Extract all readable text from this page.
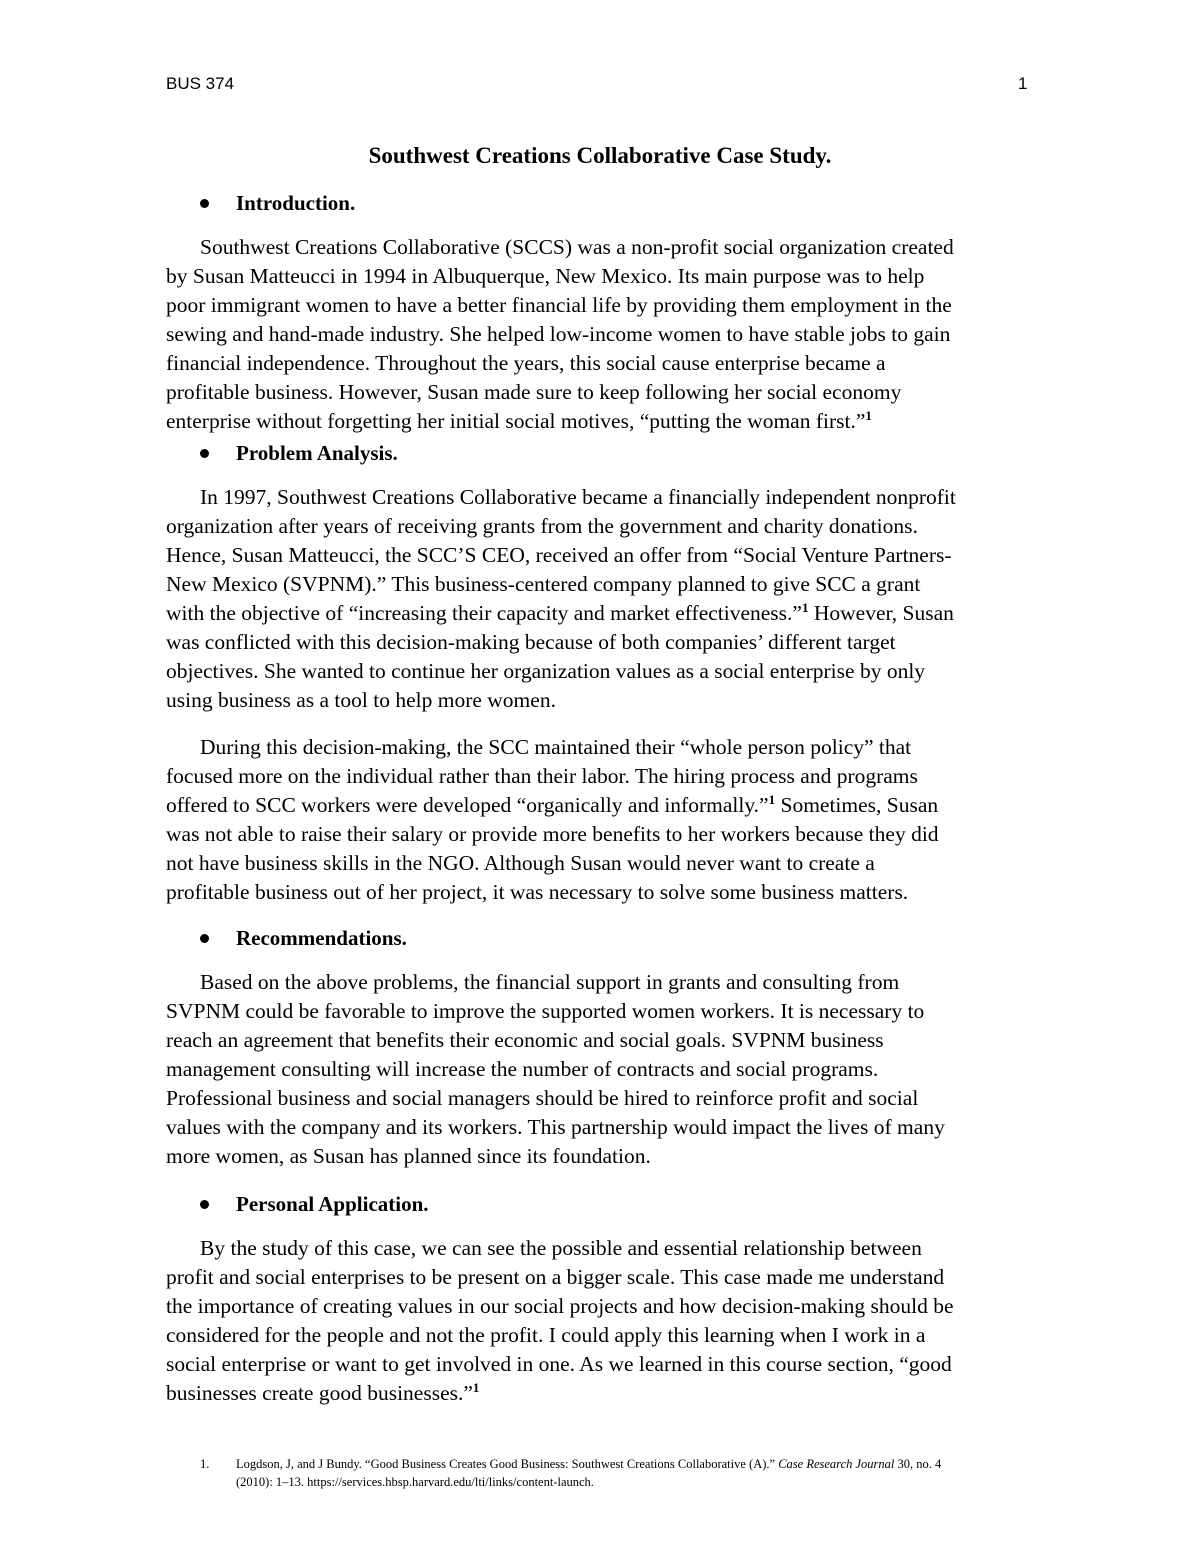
BUS 374	1
Southwest Creations Collaborative Case Study.
Introduction.
Southwest Creations Collaborative (SCCS) was a non-profit social organization created
by Susan Matteucci in 1994 in Albuquerque, New Mexico. Its main purpose was to help
poor immigrant women to have a better financial life by providing them employment in the
sewing and hand-made industry. She helped low-income women to have stable jobs to gain
financial independence. Throughout the years, this social cause enterprise became a
profitable business. However, Susan made sure to keep following her social economy
enterprise without forgetting her initial social motives, “putting the woman first.”$^1$
Problem Analysis.
In 1997, Southwest Creations Collaborative became a financially independent nonprofit
organization after years of receiving grants from the government and charity donations.
Hence, Susan Matteucci, the SCC’S CEO, received an offer from “Social Venture Partners-
New Mexico (SVPNM).” This business-centered company planned to give SCC a grant
with the objective of “increasing their capacity and market effectiveness.”$^1$ However, Susan
was conflicted with this decision-making because of both companies’ different target
objectives. She wanted to continue her organization values as a social enterprise by only
using business as a tool to help more women.
During this decision-making, the SCC maintained their “whole person policy” that
focused more on the individual rather than their labor. The hiring process and programs
offered to SCC workers were developed “organically and informally.”$^1$ Sometimes, Susan
was not able to raise their salary or provide more benefits to her workers because they did
not have business skills in the NGO. Although Susan would never want to create a
profitable business out of her project, it was necessary to solve some business matters.
Recommendations.
Based on the above problems, the financial support in grants and consulting from
SVPNM could be favorable to improve the supported women workers. It is necessary to
reach an agreement that benefits their economic and social goals. SVPNM business
management consulting will increase the number of contracts and social programs.
Professional business and social managers should be hired to reinforce profit and social
values with the company and its workers. This partnership would impact the lives of many
more women, as Susan has planned since its foundation.
Personal Application.
By the study of this case, we can see the possible and essential relationship between
profit and social enterprises to be present on a bigger scale. This case made me understand
the importance of creating values in our social projects and how decision-making should be
considered for the people and not the profit. I could apply this learning when I work in a
social enterprise or want to get involved in one. As we learned in this course section, “good
businesses create good businesses.”$^1$
1. Logdson, J, and J Bundy. “Good Business Creates Good Business: Southwest Creations Collaborative (A).” Case Research Journal 30, no. 4
(2010): 1–13. https://services.hbsp.harvard.edu/lti/links/content-launch.
